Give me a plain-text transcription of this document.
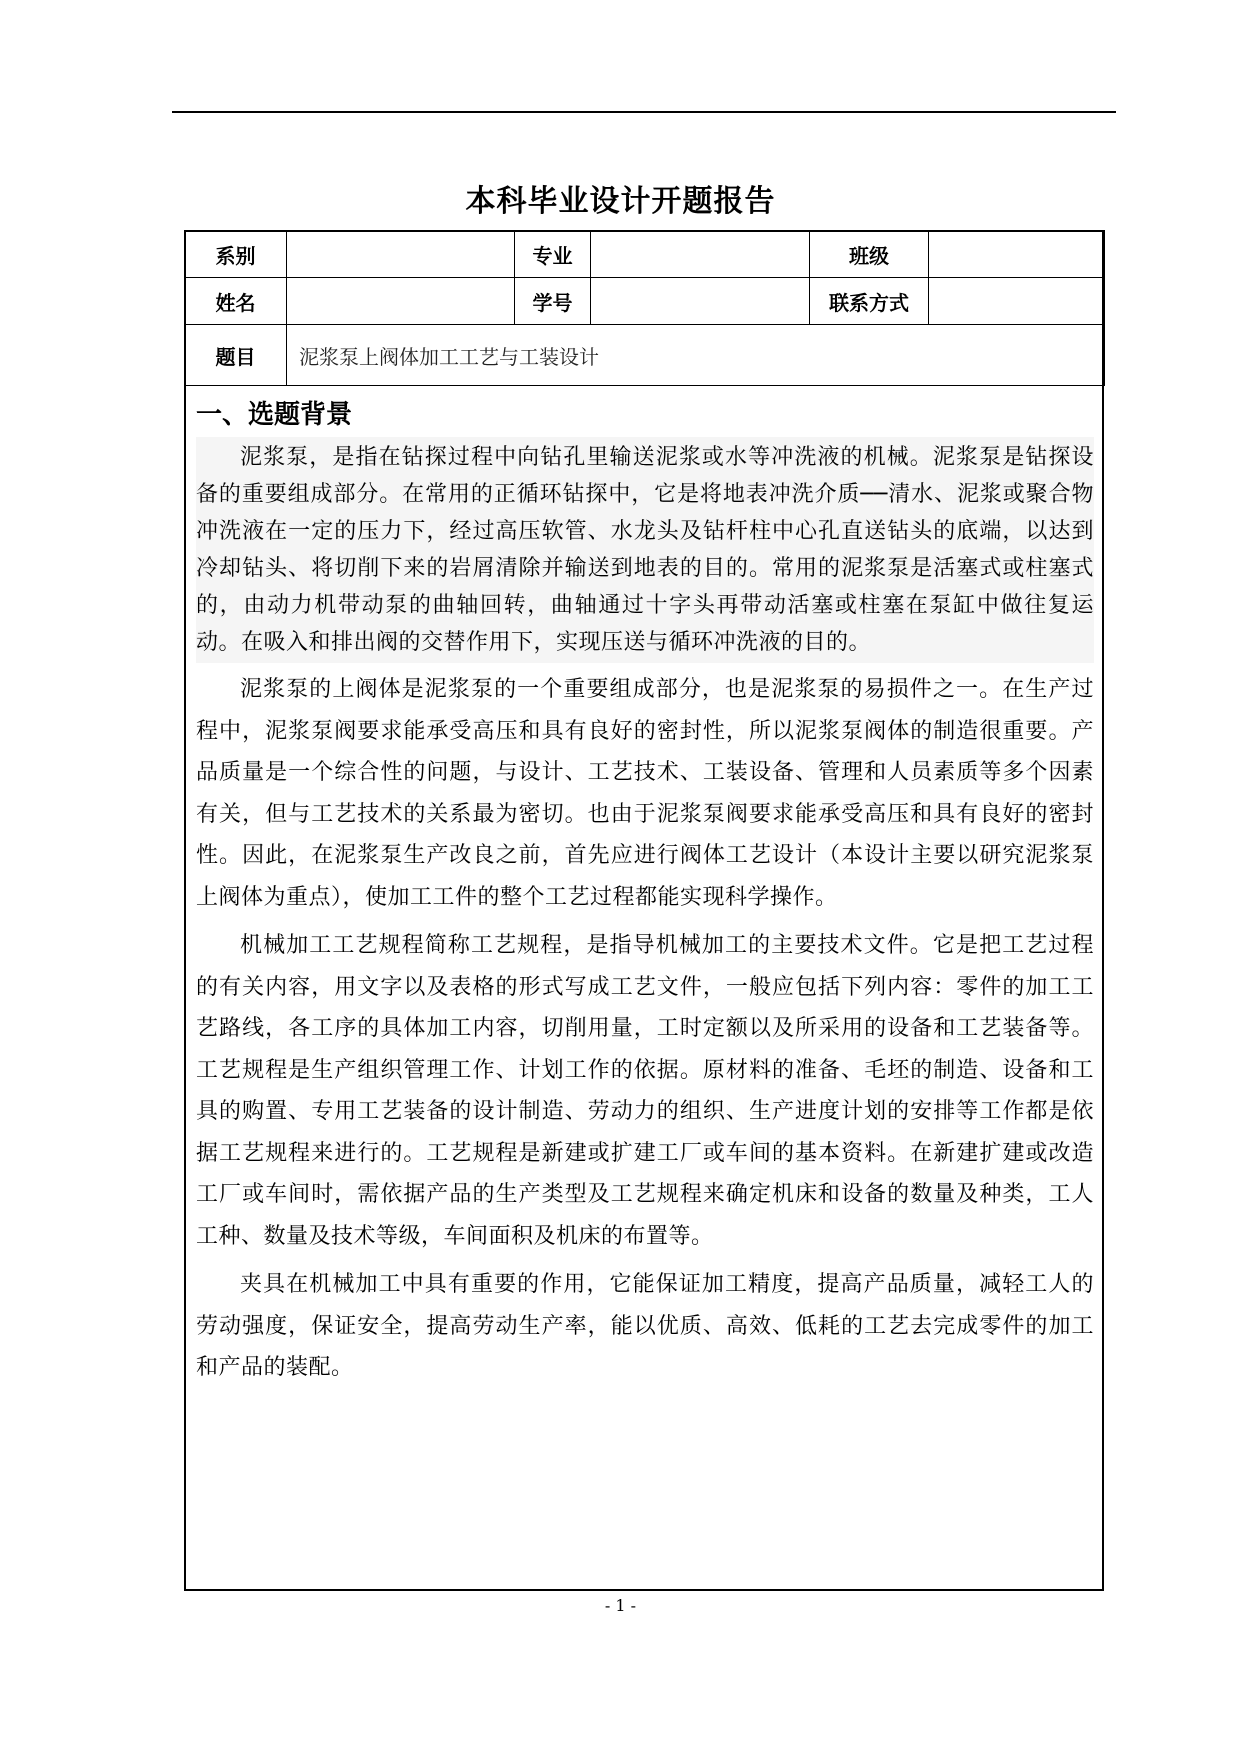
本科毕业设计开题报告
系别		专业		班级	
姓名		学号		联系方式	
题目	泥浆泵上阀体加工工艺与工装设计				
一、选题背景

泥浆泵，是指在钻探过程中向钻孔里输送泥浆或水等冲洗液的机械。泥浆泵是钻探设备的重要组成部分。在常用的正循环钻探中，它是将地表冲洗介质──清水、泥浆或聚合物冲洗液在一定的压力下，经过高压软管、水龙头及钻杆柱中心孔直送钻头的底端，以达到冷却钻头、将切削下来的岩屑清除并输送到地表的目的。常用的泥浆泵是活塞式或柱塞式的，由动力机带动泵的曲轴回转，曲轴通过十字头再带动活塞或柱塞在泵缸中做往复运动。在吸入和排出阀的交替作用下，实现压送与循环冲洗液的目的。

泥浆泵的上阀体是泥浆泵的一个重要组成部分，也是泥浆泵的易损件之一。在生产过程中，泥浆泵阀要求能承受高压和具有良好的密封性，所以泥浆泵阀体的制造很重要。产品质量是一个综合性的问题，与设计、工艺技术、工装设备、管理和人员素质等多个因素有关，但与工艺技术的关系最为密切。也由于泥浆泵阀要求能承受高压和具有良好的密封性。因此，在泥浆泵生产改良之前，首先应进行阀体工艺设计（本设计主要以研究泥浆泵上阀体为重点），使加工工件的整个工艺过程都能实现科学操作。

机械加工工艺规程简称工艺规程，是指导机械加工的主要技术文件。它是把工艺过程的有关内容，用文字以及表格的形式写成工艺文件，一般应包括下列内容：零件的加工工艺路线，各工序的具体加工内容，切削用量，工时定额以及所采用的设备和工艺装备等。工艺规程是生产组织管理工作、计划工作的依据。原材料的准备、毛坯的制造、设备和工具的购置、专用工艺装备的设计制造、劳动力的组织、生产进度计划的安排等工作都是依据工艺规程来进行的。工艺规程是新建或扩建工厂或车间的基本资料。在新建扩建或改造工厂或车间时，需依据产品的生产类型及工艺规程来确定机床和设备的数量及种类，工人工种、数量及技术等级，车间面积及机床的布置等。

夹具在机械加工中具有重要的作用，它能保证加工精度，提高产品质量，减轻工人的劳动强度，保证安全，提高劳动生产率，能以优质、高效、低耗的工艺去完成零件的加工和产品的装配。

- 1 -
